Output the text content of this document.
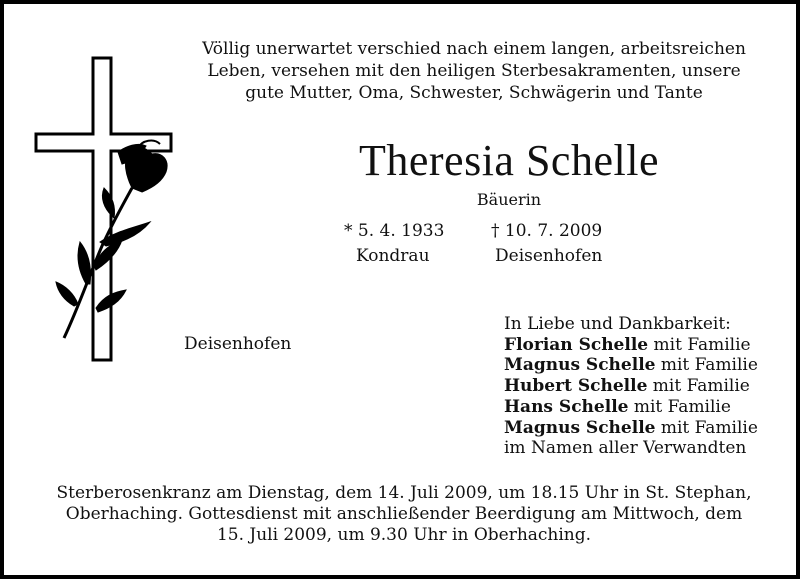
Völlig unerwartet verschied nach einem langen, arbeitsreichen
Leben, versehen mit den heiligen Sterbesakramenten, unsere
gute Mutter, Oma, Schwester, Schwägerin und Tante
Theresia Schelle
Bäuerin
* 5. 4. 1933	† 10. 7. 2009
Kondrau	Deisenhofen
Deisenhofen
In Liebe und Dankbarkeit:
Florian Schelle mit Familie
Magnus Schelle mit Familie
Hubert Schelle mit Familie
Hans Schelle mit Familie
Magnus Schelle mit Familie
im Namen aller Verwandten
Sterberosenkranz am Dienstag, dem 14. Juli 2009, um 18.15 Uhr in St. Stephan,
Oberhaching. Gottesdienst mit anschließender Beerdigung am Mittwoch, dem
15. Juli 2009, um 9.30 Uhr in Oberhaching.
